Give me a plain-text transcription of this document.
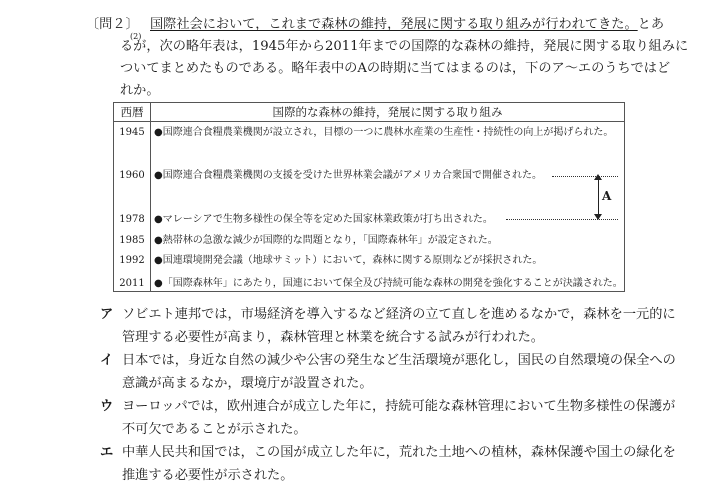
〔問２〕
(2)
国際社会において，これまで森林の維持，発展に関する取り組みが行われてきた。とあ
るが，次の略年表は，1945年から2011年までの国際的な森林の維持，発展に関する取り組みに
ついてまとめたものである。略年表中のAの時期に当てはまるのは，下のア〜エのうちではど
れか。
西暦	国際的な森林の維持，発展に関する取り組み
1945 ●国際連合食糧農業機関が設立され，目標の一つに農林水産業の生産性・持続性の向上が掲げられた。
1960 ●国際連合食糧農業機関の支援を受けた世界林業会議がアメリカ合衆国で開催された。
1978 ●マレーシアで生物多様性の保全等を定めた国家林業政策が打ち出された。
1985 ●熱帯林の急激な減少が国際的な問題となり，「国際森林年」が設定された。
1992 ●国連環境開発会議（地球サミット）において，森林に関する原則などが採択された。
2011 ●「国際森林年」にあたり，国連において保全及び持続可能な森林の開発を強化することが決議された。
A
ア ソビエト連邦では，市場経済を導入するなど経済の立て直しを進めるなかで，森林を一元的に
管理する必要性が高まり，森林管理と林業を統合する試みが行われた。
イ 日本では，身近な自然の減少や公害の発生など生活環境が悪化し，国民の自然環境の保全への
意識が高まるなか，環境庁が設置された。
ウ ヨーロッパでは，欧州連合が成立した年に，持続可能な森林管理において生物多様性の保護が
不可欠であることが示された。
エ 中華人民共和国では，この国が成立した年に，荒れた土地への植林，森林保護や国土の緑化を
推進する必要性が示された。
